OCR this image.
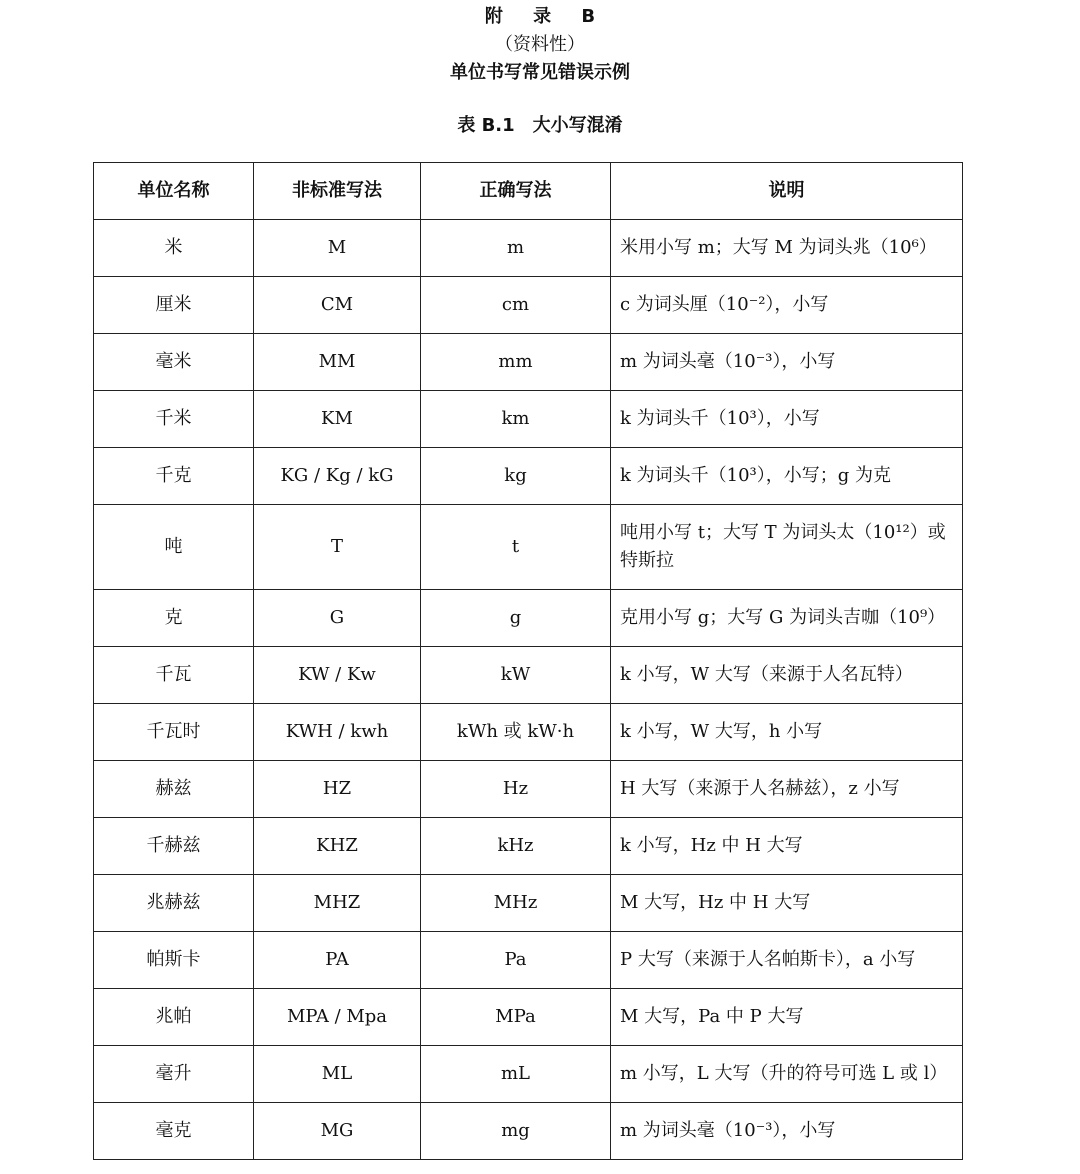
附 录 B
（资料性）
单位书写常见错误示例
表 B.1　大小写混淆
单位名称	非标准写法	正确写法	说明
米	M	m	米用小写 m；大写 M 为词头兆（10⁶）
厘米	CM	cm	c 为词头厘（10⁻²），小写
毫米	MM	mm	m 为词头毫（10⁻³），小写
千米	KM	km	k 为词头千（10³），小写
千克	KG / Kg / kG	kg	k 为词头千（10³），小写；g 为克
吨	T	t	吨用小写 t；大写 T 为词头太（10¹²）或特斯拉
克	G	g	克用小写 g；大写 G 为词头吉咖（10⁹）
千瓦	KW / Kw	kW	k 小写，W 大写（来源于人名瓦特）
千瓦时	KWH / kwh	kWh 或 kW·h	k 小写，W 大写，h 小写
赫兹	HZ	Hz	H 大写（来源于人名赫兹），z 小写
千赫兹	KHZ	kHz	k 小写，Hz 中 H 大写
兆赫兹	MHZ	MHz	M 大写，Hz 中 H 大写
帕斯卡	PA	Pa	P 大写（来源于人名帕斯卡），a 小写
兆帕	MPA / Mpa	MPa	M 大写，Pa 中 P 大写
毫升	ML	mL	m 小写，L 大写（升的符号可选 L 或 l）
毫克	MG	mg	m 为词头毫（10⁻³），小写
